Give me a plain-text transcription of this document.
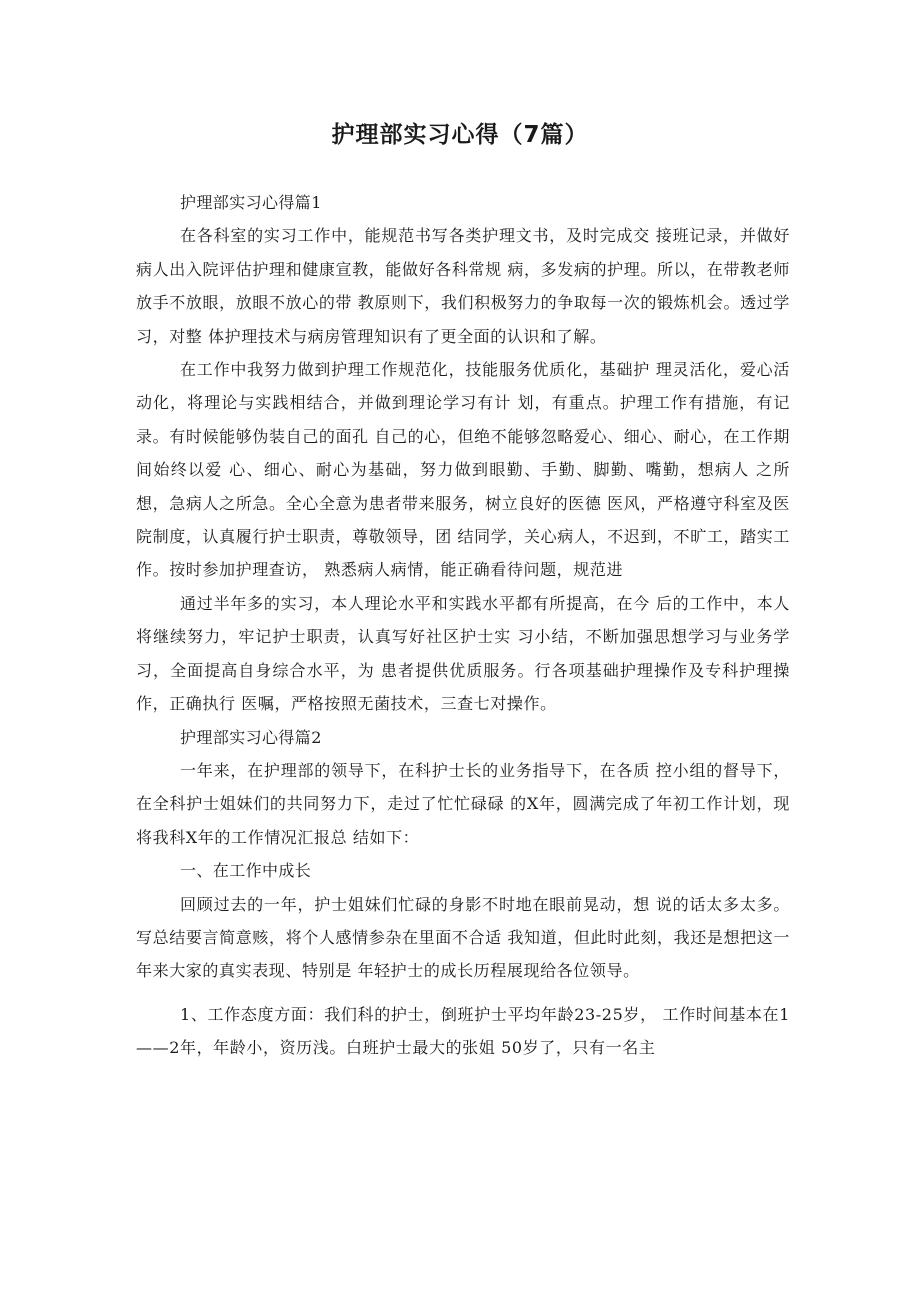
护理部实习心得（7篇）

护理部实习心得篇1

在各科室的实习工作中，能规范书写各类护理文书，及时完成交 接班记录，并做好病人出入院评估护理和健康宣教，能做好各科常规 病，多发病的护理。所以，在带教老师放手不放眼，放眼不放心的带 教原则下，我们积极努力的争取每一次的锻炼机会。透过学习，对整 体护理技术与病房管理知识有了更全面的认识和了解。

在工作中我努力做到护理工作规范化，技能服务优质化，基础护 理灵活化，爱心活动化，将理论与实践相结合，并做到理论学习有计 划，有重点。护理工作有措施，有记录。有时候能够伪装自己的面孔 自己的心，但绝不能够忽略爱心、细心、耐心，在工作期间始终以爱 心、细心、耐心为基础，努力做到眼勤、手勤、脚勤、嘴勤，想病人 之所想，急病人之所急。全心全意为患者带来服务，树立良好的医德 医风，严格遵守科室及医院制度，认真履行护士职责，尊敬领导，团 结同学，关心病人，不迟到，不旷工，踏实工作。按时参加护理查访， 熟悉病人病情，能正确看待问题，规范进

通过半年多的实习，本人理论水平和实践水平都有所提高，在今 后的工作中，本人将继续努力，牢记护士职责，认真写好社区护士实 习小结，不断加强思想学习与业务学习，全面提高自身综合水平，为 患者提供优质服务。行各项基础护理操作及专科护理操作，正确执行 医嘱，严格按照无菌技术，三查七对操作。

护理部实习心得篇2

一年来，在护理部的领导下，在科护士长的业务指导下，在各质 控小组的督导下，在全科护士姐妹们的共同努力下，走过了忙忙碌碌 的X年，圆满完成了年初工作计划，现将我科X年的工作情况汇报总 结如下：

一、在工作中成长

回顾过去的一年，护士姐妹们忙碌的身影不时地在眼前晃动，想 说的话太多太多。写总结要言简意赅，将个人感情参杂在里面不合适 我知道，但此时此刻，我还是想把这一年来大家的真实表现、特别是 年轻护士的成长历程展现给各位领导。

1、工作态度方面：我们科的护士，倒班护士平均年龄23-25岁， 工作时间基本在1——2年，年龄小，资历浅。白班护士最大的张姐 50岁了，只有一名主
